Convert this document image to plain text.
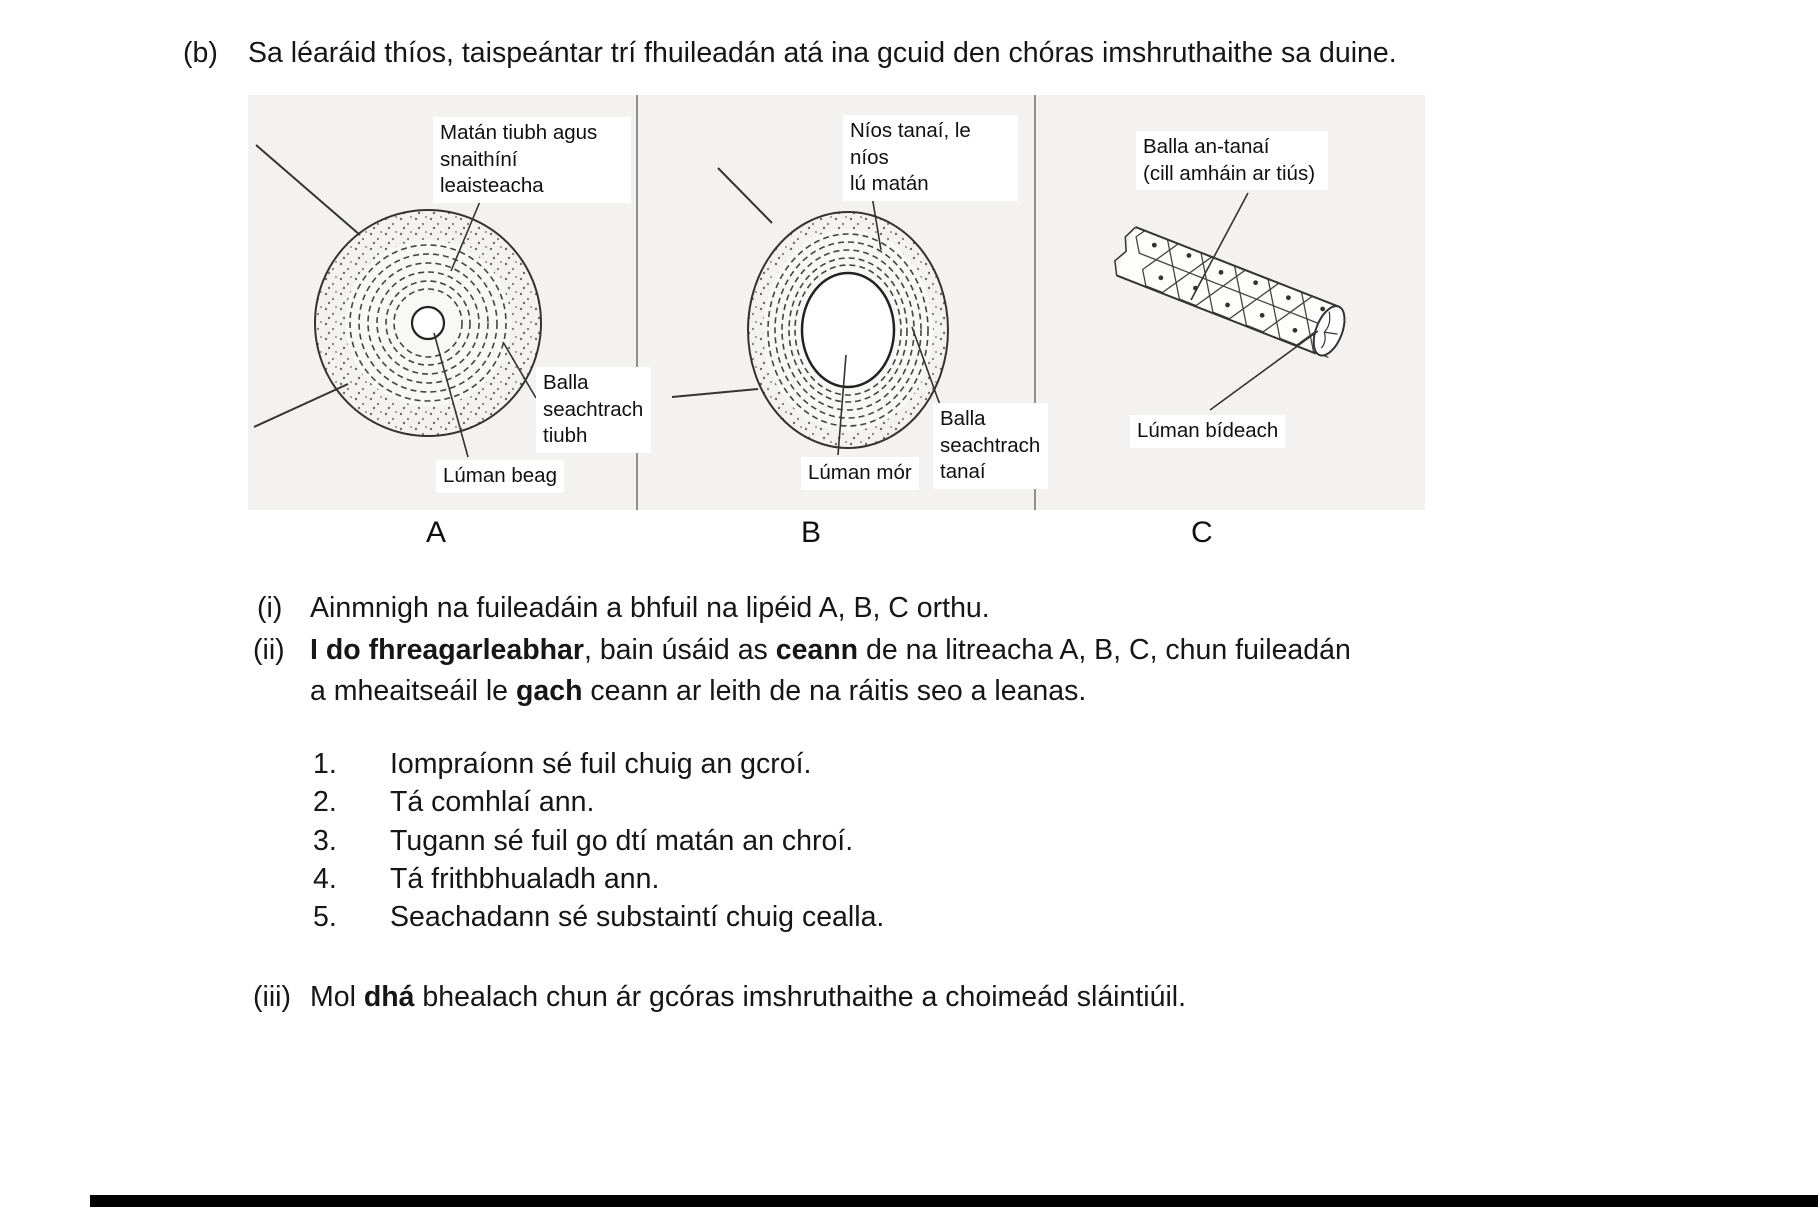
(b) Sa léaráid thíos, taispeántar trí fhuileadán atá ina gcuid den chóras imshruthaithe sa duine.
Matán tiubh agus
snaithíní leaisteacha
Balla
seachtrach
tiubh
Lúman beag
Níos tanaí, le níos
lú matán
Balla
seachtrach
tanaí
Lúman mór
Balla an-tanaí
(cill amháin ar tiús)
Lúman bídeach
A	B	C
(i) Ainmnigh na fuileadáin a bhfuil na lipéid A, B, C orthu.
(ii) I do fhreagarleabhar, bain úsáid as ceann de na litreacha A, B, C, chun fuileadán
a mheaitseáil le gach ceann ar leith de na ráitis seo a leanas.
1. Iompraíonn sé fuil chuig an gcroí.
2. Tá comhlaí ann.
3. Tugann sé fuil go dtí matán an chroí.
4. Tá frithbhualadh ann.
5. Seachadann sé substaintí chuig cealla.
(iii) Mol dhá bhealach chun ár gcóras imshruthaithe a choimeád sláintiúil.
